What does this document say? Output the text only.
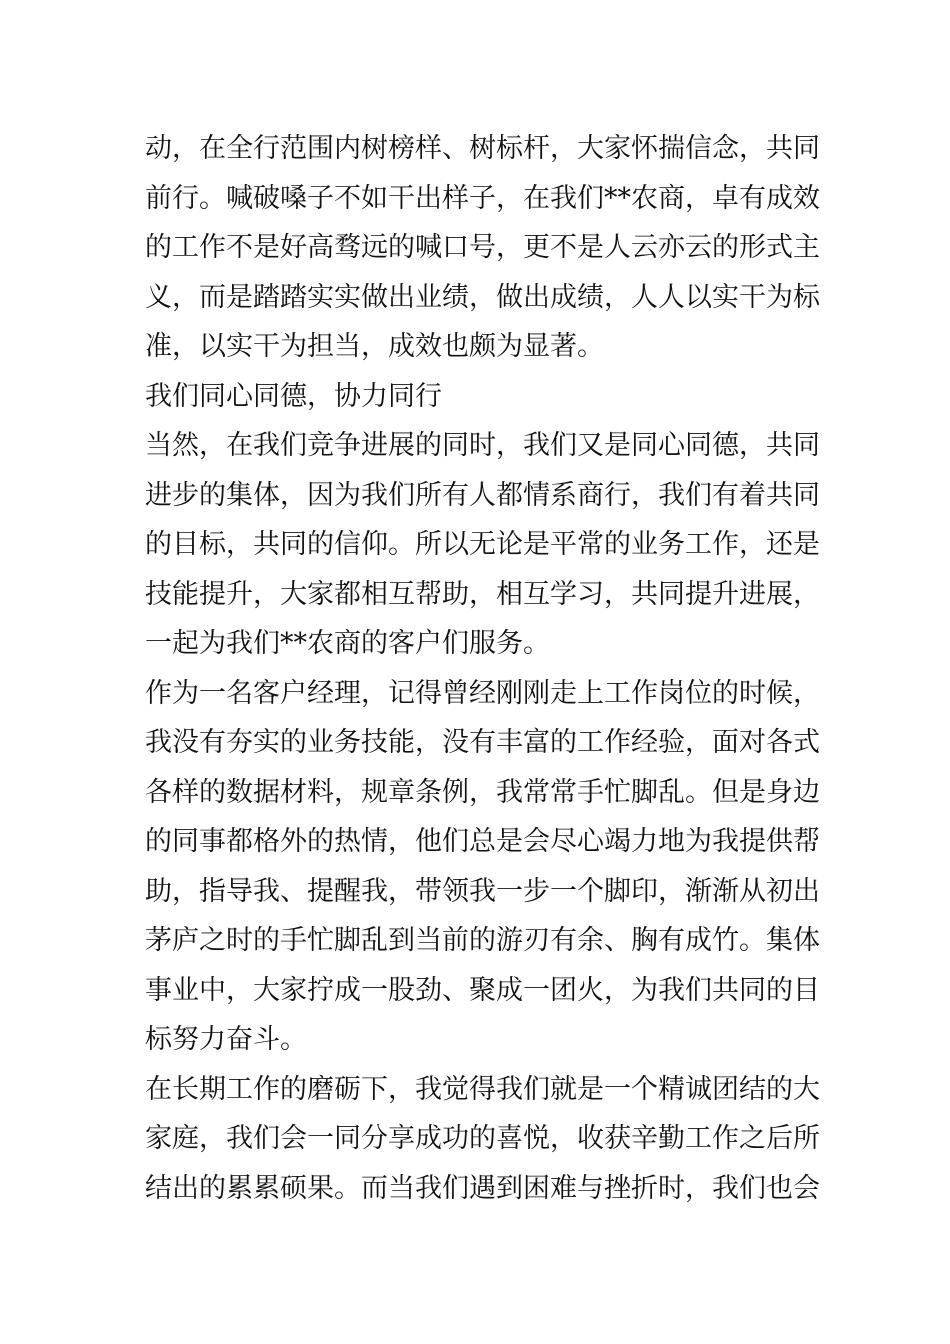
动，在全行范围内树榜样、树标杆，大家怀揣信念，共同
前行。喊破嗓子不如干出样子，在我们**农商，卓有成效
的工作不是好高骛远的喊口号，更不是人云亦云的形式主
义，而是踏踏实实做出业绩，做出成绩，人人以实干为标
准，以实干为担当，成效也颇为显著。
我们同心同德，协力同行
当然，在我们竞争进展的同时，我们又是同心同德，共同
进步的集体，因为我们所有人都情系商行，我们有着共同
的目标，共同的信仰。所以无论是平常的业务工作，还是
技能提升，大家都相互帮助，相互学习，共同提升进展，
一起为我们**农商的客户们服务。
作为一名客户经理，记得曾经刚刚走上工作岗位的时候，
我没有夯实的业务技能，没有丰富的工作经验，面对各式
各样的数据材料，规章条例，我常常手忙脚乱。但是身边
的同事都格外的热情，他们总是会尽心竭力地为我提供帮
助，指导我、提醒我，带领我一步一个脚印，渐渐从初出
茅庐之时的手忙脚乱到当前的游刃有余、胸有成竹。集体
事业中，大家拧成一股劲、聚成一团火，为我们共同的目
标努力奋斗。
在长期工作的磨砺下，我觉得我们就是一个精诚团结的大
家庭，我们会一同分享成功的喜悦，收获辛勤工作之后所
结出的累累硕果。而当我们遇到困难与挫折时，我们也会
